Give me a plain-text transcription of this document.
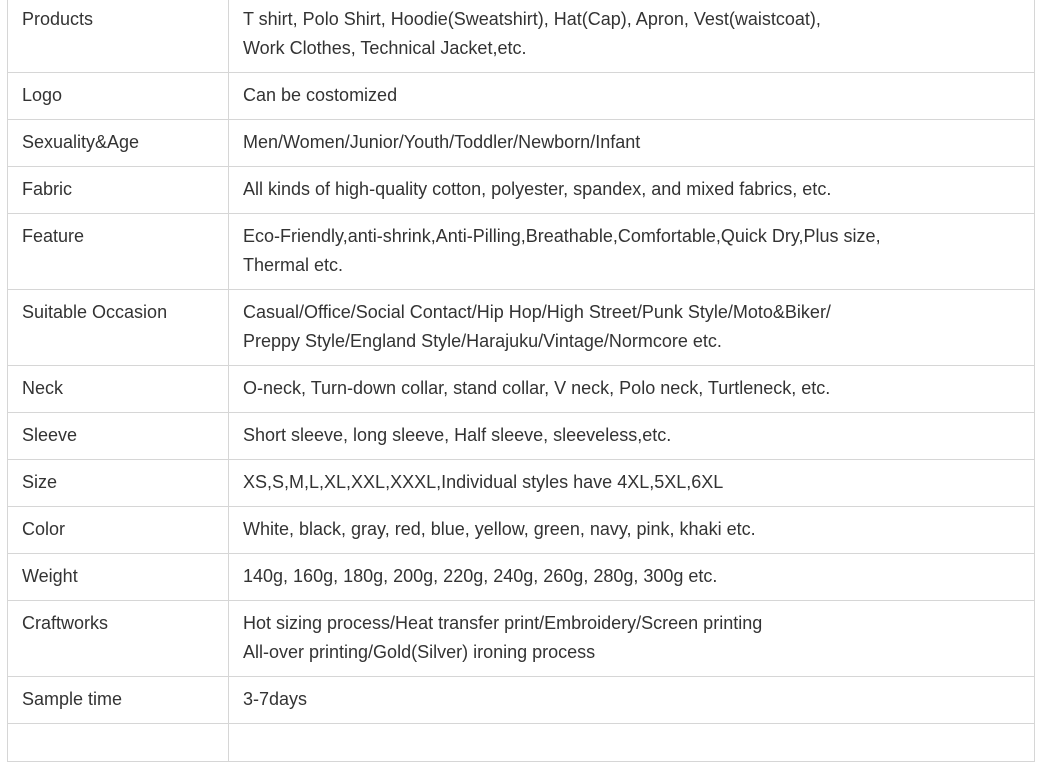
Products	T shirt, Polo Shirt, Hoodie(Sweatshirt), Hat(Cap), Apron, Vest(waistcoat),
Work Clothes, Technical Jacket,etc.

Logo	Can be costomized

Sexuality&Age	Men/Women/Junior/Youth/Toddler/Newborn/Infant

Fabric	All kinds of high-quality cotton, polyester, spandex, and mixed fabrics, etc.

Feature	Eco-Friendly,anti-shrink,Anti-Pilling,Breathable,Comfortable,Quick Dry,Plus size,
Thermal etc.

Suitable Occasion	Casual/Office/Social Contact/Hip Hop/High Street/Punk Style/Moto&Biker/
Preppy Style/England Style/Harajuku/Vintage/Normcore etc.

Neck	O-neck, Turn-down collar, stand collar, V neck, Polo neck, Turtleneck, etc.

Sleeve	Short sleeve, long sleeve, Half sleeve, sleeveless,etc.

Size	XS,S,M,L,XL,XXL,XXXL,Individual styles have 4XL,5XL,6XL

Color	White, black, gray, red, blue, yellow, green, navy, pink, khaki etc.

Weight	140g, 160g, 180g, 200g, 220g, 240g, 260g, 280g, 300g etc.

Craftworks	Hot sizing process/Heat transfer print/Embroidery/Screen printing
All-over printing/Gold(Silver) ironing process

Sample time	3-7days
